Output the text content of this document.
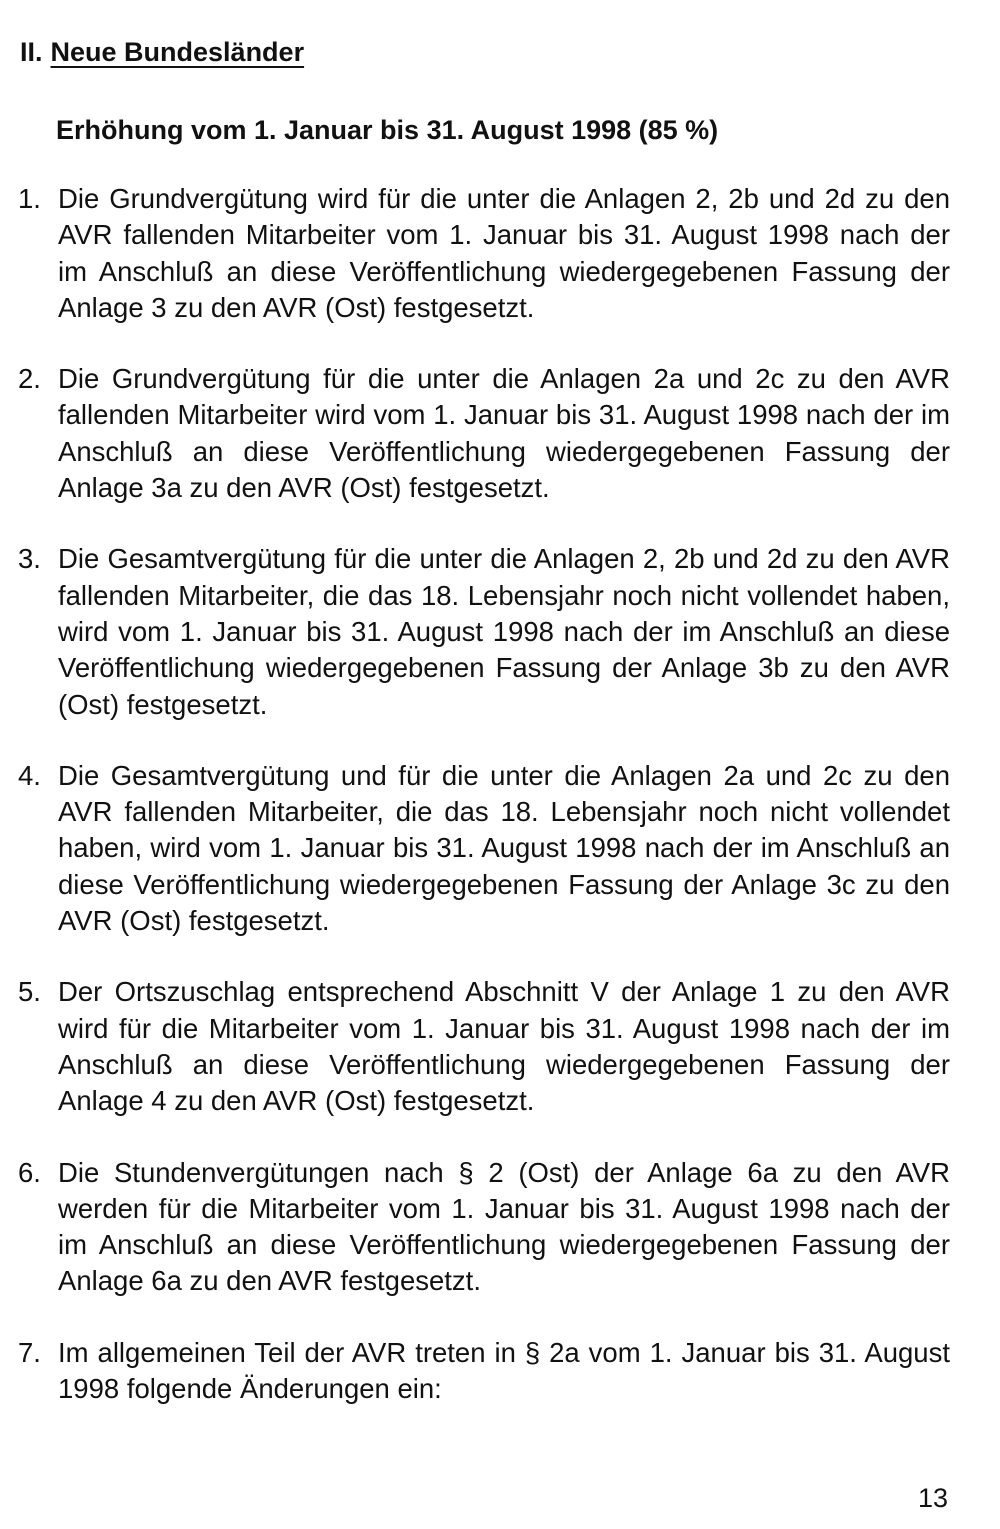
II. Neue Bundesländer
Erhöhung vom 1. Januar bis 31. August 1998 (85 %)
1. Die Grundvergütung wird für die unter die Anlagen 2, 2b und 2d zu den AVR fallenden Mitarbeiter vom 1. Januar bis 31. August 1998 nach der im Anschluß an diese Veröffentlichung wiedergegebenen Fassung der Anlage 3 zu den AVR (Ost) festgesetzt.
2. Die Grundvergütung für die unter die Anlagen 2a und 2c zu den AVR fallenden Mitarbeiter wird vom 1. Januar bis 31. August 1998 nach der im Anschluß an diese Veröffentlichung wiedergegebenen Fassung der Anlage 3a zu den AVR (Ost) festgesetzt.
3. Die Gesamtvergütung für die unter die Anlagen 2, 2b und 2d zu den AVR fallenden Mitarbeiter, die das 18. Lebensjahr noch nicht vollendet haben, wird vom 1. Januar bis 31. August 1998 nach der im Anschluß an diese Veröffentlichung wiedergegebenen Fassung der Anlage 3b zu den AVR (Ost) festgesetzt.
4. Die Gesamtvergütung und für die unter die Anlagen 2a und 2c zu den AVR fallenden Mitarbeiter, die das 18. Lebensjahr noch nicht vollendet haben, wird vom 1. Januar bis 31. August 1998 nach der im Anschluß an diese Veröffentlichung wiedergegebenen Fassung der Anlage 3c zu den AVR (Ost) festgesetzt.
5. Der Ortszuschlag entsprechend Abschnitt V der Anlage 1 zu den AVR wird für die Mitarbeiter vom 1. Januar bis 31. August 1998 nach der im Anschluß an diese Veröffentlichung wiedergegebenen Fassung der Anlage 4 zu den AVR (Ost) festgesetzt.
6. Die Stundenvergütungen nach § 2 (Ost) der Anlage 6a zu den AVR werden für die Mitarbeiter vom 1. Januar bis 31. August 1998 nach der im Anschluß an diese Veröffentlichung wiedergegebenen Fassung der Anlage 6a zu den AVR festgesetzt.
7. Im allgemeinen Teil der AVR treten in § 2a vom 1. Januar bis 31. August 1998 folgende Änderungen ein:
13
